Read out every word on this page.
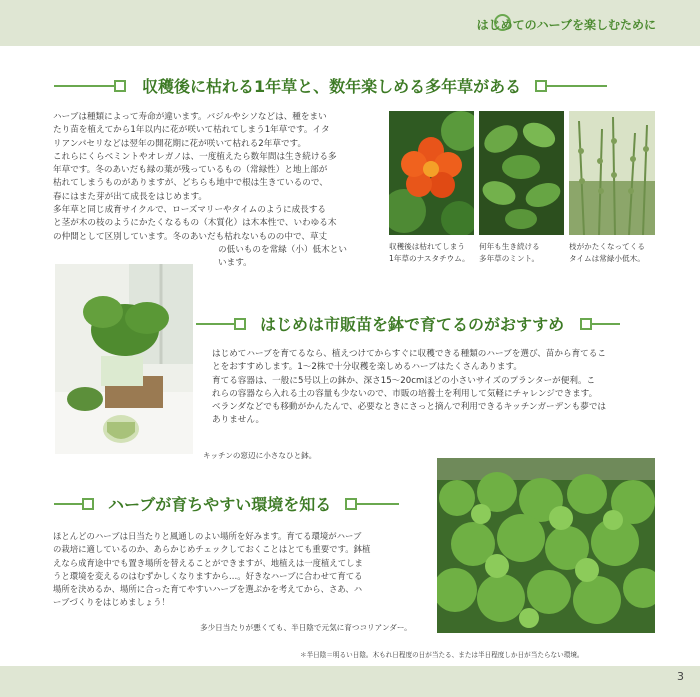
はじめてのハーブを楽しむために
収穫後に枯れる1年草と、数年楽しめる多年草がある
ハーブは種類によって寿命が違います。バジルやシソなどは、種をまい
たり苗を植えてから1年以内に花が咲いて枯れてしまう1年草です。イタ
リアンパセリなどは翌年の開花期に花が咲いて枯れる2年草です。
これらにくらべミントやオレガノは、一度植えたら数年間は生き続ける多
年草です。冬のあいだも緑の葉が残っているもの（常緑性）と地上部が
枯れてしまうものがありますが、どちらも地中で根は生きているので、
春にはまた芽が出て成長をはじめます。
多年草と同じ成育サイクルで、ローズマリーやタイムのように成長する
と茎が木の枝のようにかたくなるもの（木質化）は木本性で、いわゆる木
の仲間として区別しています。冬のあいだも枯れないものの中で、草丈
の低いものを常緑（小）低木とい
います。
収穫後は枯れてしまう
1年草のナスタチウム。
何年も生き続ける
多年草のミント。
枝がかたくなってくる
タイムは常緑小低木。
はじめは市販苗を鉢で育てるのがおすすめ
はじめてハーブを育てるなら、植えつけてからすぐに収穫できる種類のハーブを選び、苗から育てるこ
とをおすすめします。1～2株で十分収穫を楽しめるハーブはたくさんあります。
育てる容器は、一般に5号以上の鉢か、深さ15～20cmほどの小さいサイズのプランターが便利。こ
れらの容器なら入れる土の容量も少ないので、市販の培養土を利用して気軽にチャレンジできます。
ベランダなどでも移動がかんたんで、必要なときにさっと摘んで利用できるキッチンガーデンも夢では
ありません。
キッチンの窓辺に小さなひと鉢。
ハーブが育ちやすい環境を知る
ほとんどのハーブは日当たりと風通しのよい場所を好みます。育てる環境がハーブ
の栽培に適しているのか、あらかじめチェックしておくことはとても重要です。鉢植
えなら成育途中でも置き場所を替えることができますが、地植えは一度植えてしま
うと環境を変えるのはむずかしくなりますから…。好きなハーブに合わせて育てる
場所を決めるか、場所に合った育てやすいハーブを選ぶかを考えてから、さあ、ハ
ーブづくりをはじめましょう！
多少日当たりが悪くても、半日陰で元気に育つコリアンダー。
＊半日陰＝明るい日陰。木もれ日程度の日が当たる、または半日程度しか日が当たらない環境。
3
